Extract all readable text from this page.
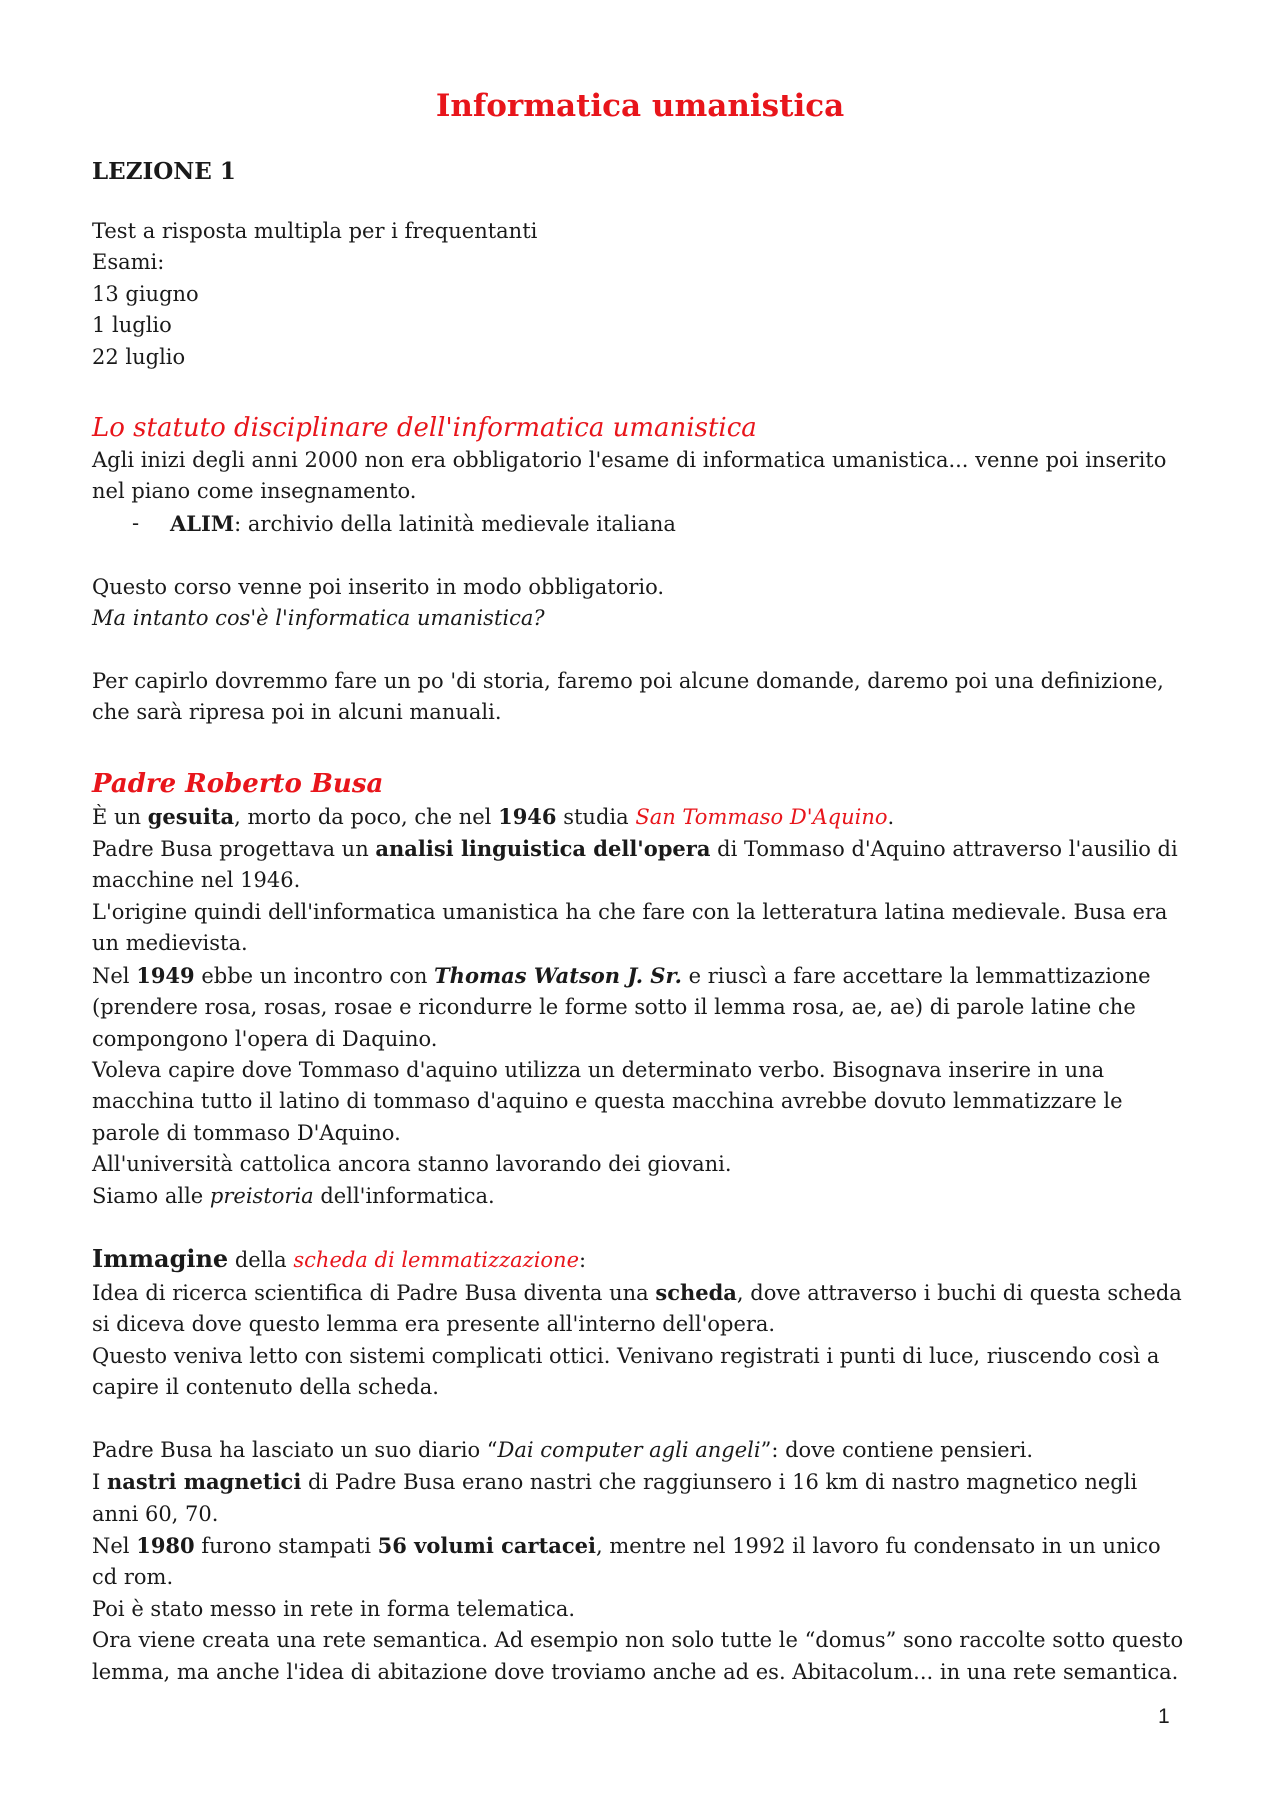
Informatica umanistica
LEZIONE 1

Test a risposta multipla per i frequentanti

Esami:

13 giugno

1 luglio

22 luglio

Lo statuto disciplinare dell'informatica umanistica

Agli inizi degli anni 2000 non era obbligatorio l'esame di informatica umanistica... venne poi inserito nel piano come insegnamento.

- ALIM: archivio della latinità medievale italiana

Questo corso venne poi inserito in modo obbligatorio.

Ma intanto cos'è l'informatica umanistica?

Per capirlo dovremmo fare un po 'di storia, faremo poi alcune domande, daremo poi una definizione, che sarà ripresa poi in alcuni manuali.

Padre Roberto Busa

È un gesuita, morto da poco, che nel 1946 studia San Tommaso D'Aquino.

Padre Busa progettava un analisi linguistica dell'opera di Tommaso d'Aquino attraverso l'ausilio di macchine nel 1946.

L'origine quindi dell'informatica umanistica ha che fare con la letteratura latina medievale. Busa era un medievista.

Nel 1949 ebbe un incontro con Thomas Watson J. Sr. e riuscì a fare accettare la lemmattizazione (prendere rosa, rosas, rosae e ricondurre le forme sotto il lemma rosa, ae, ae) di parole latine che compongono l'opera di Daquino.

Voleva capire dove Tommaso d'aquino utilizza un determinato verbo. Bisognava inserire in una macchina tutto il latino di tommaso d'aquino e questa macchina avrebbe dovuto lemmatizzare le parole di tommaso D'Aquino.

All'università cattolica ancora stanno lavorando dei giovani.

Siamo alle preistoria dell'informatica.

Immagine della scheda di lemmatizzazione:

Idea di ricerca scientifica di Padre Busa diventa una scheda, dove attraverso i buchi di questa scheda si diceva dove questo lemma era presente all'interno dell'opera.

Questo veniva letto con sistemi complicati ottici. Venivano registrati i punti di luce, riuscendo così a capire il contenuto della scheda.

Padre Busa ha lasciato un suo diario “Dai computer agli angeli”: dove contiene pensieri.

I nastri magnetici di Padre Busa erano nastri che raggiunsero i 16 km di nastro magnetico negli anni 60, 70.

Nel 1980 furono stampati 56 volumi cartacei, mentre nel 1992 il lavoro fu condensato in un unico cd rom.

Poi è stato messo in rete in forma telematica.

Ora viene creata una rete semantica. Ad esempio non solo tutte le “domus” sono raccolte sotto questo lemma, ma anche l'idea di abitazione dove troviamo anche ad es. Abitacolum... in una rete semantica.

1
